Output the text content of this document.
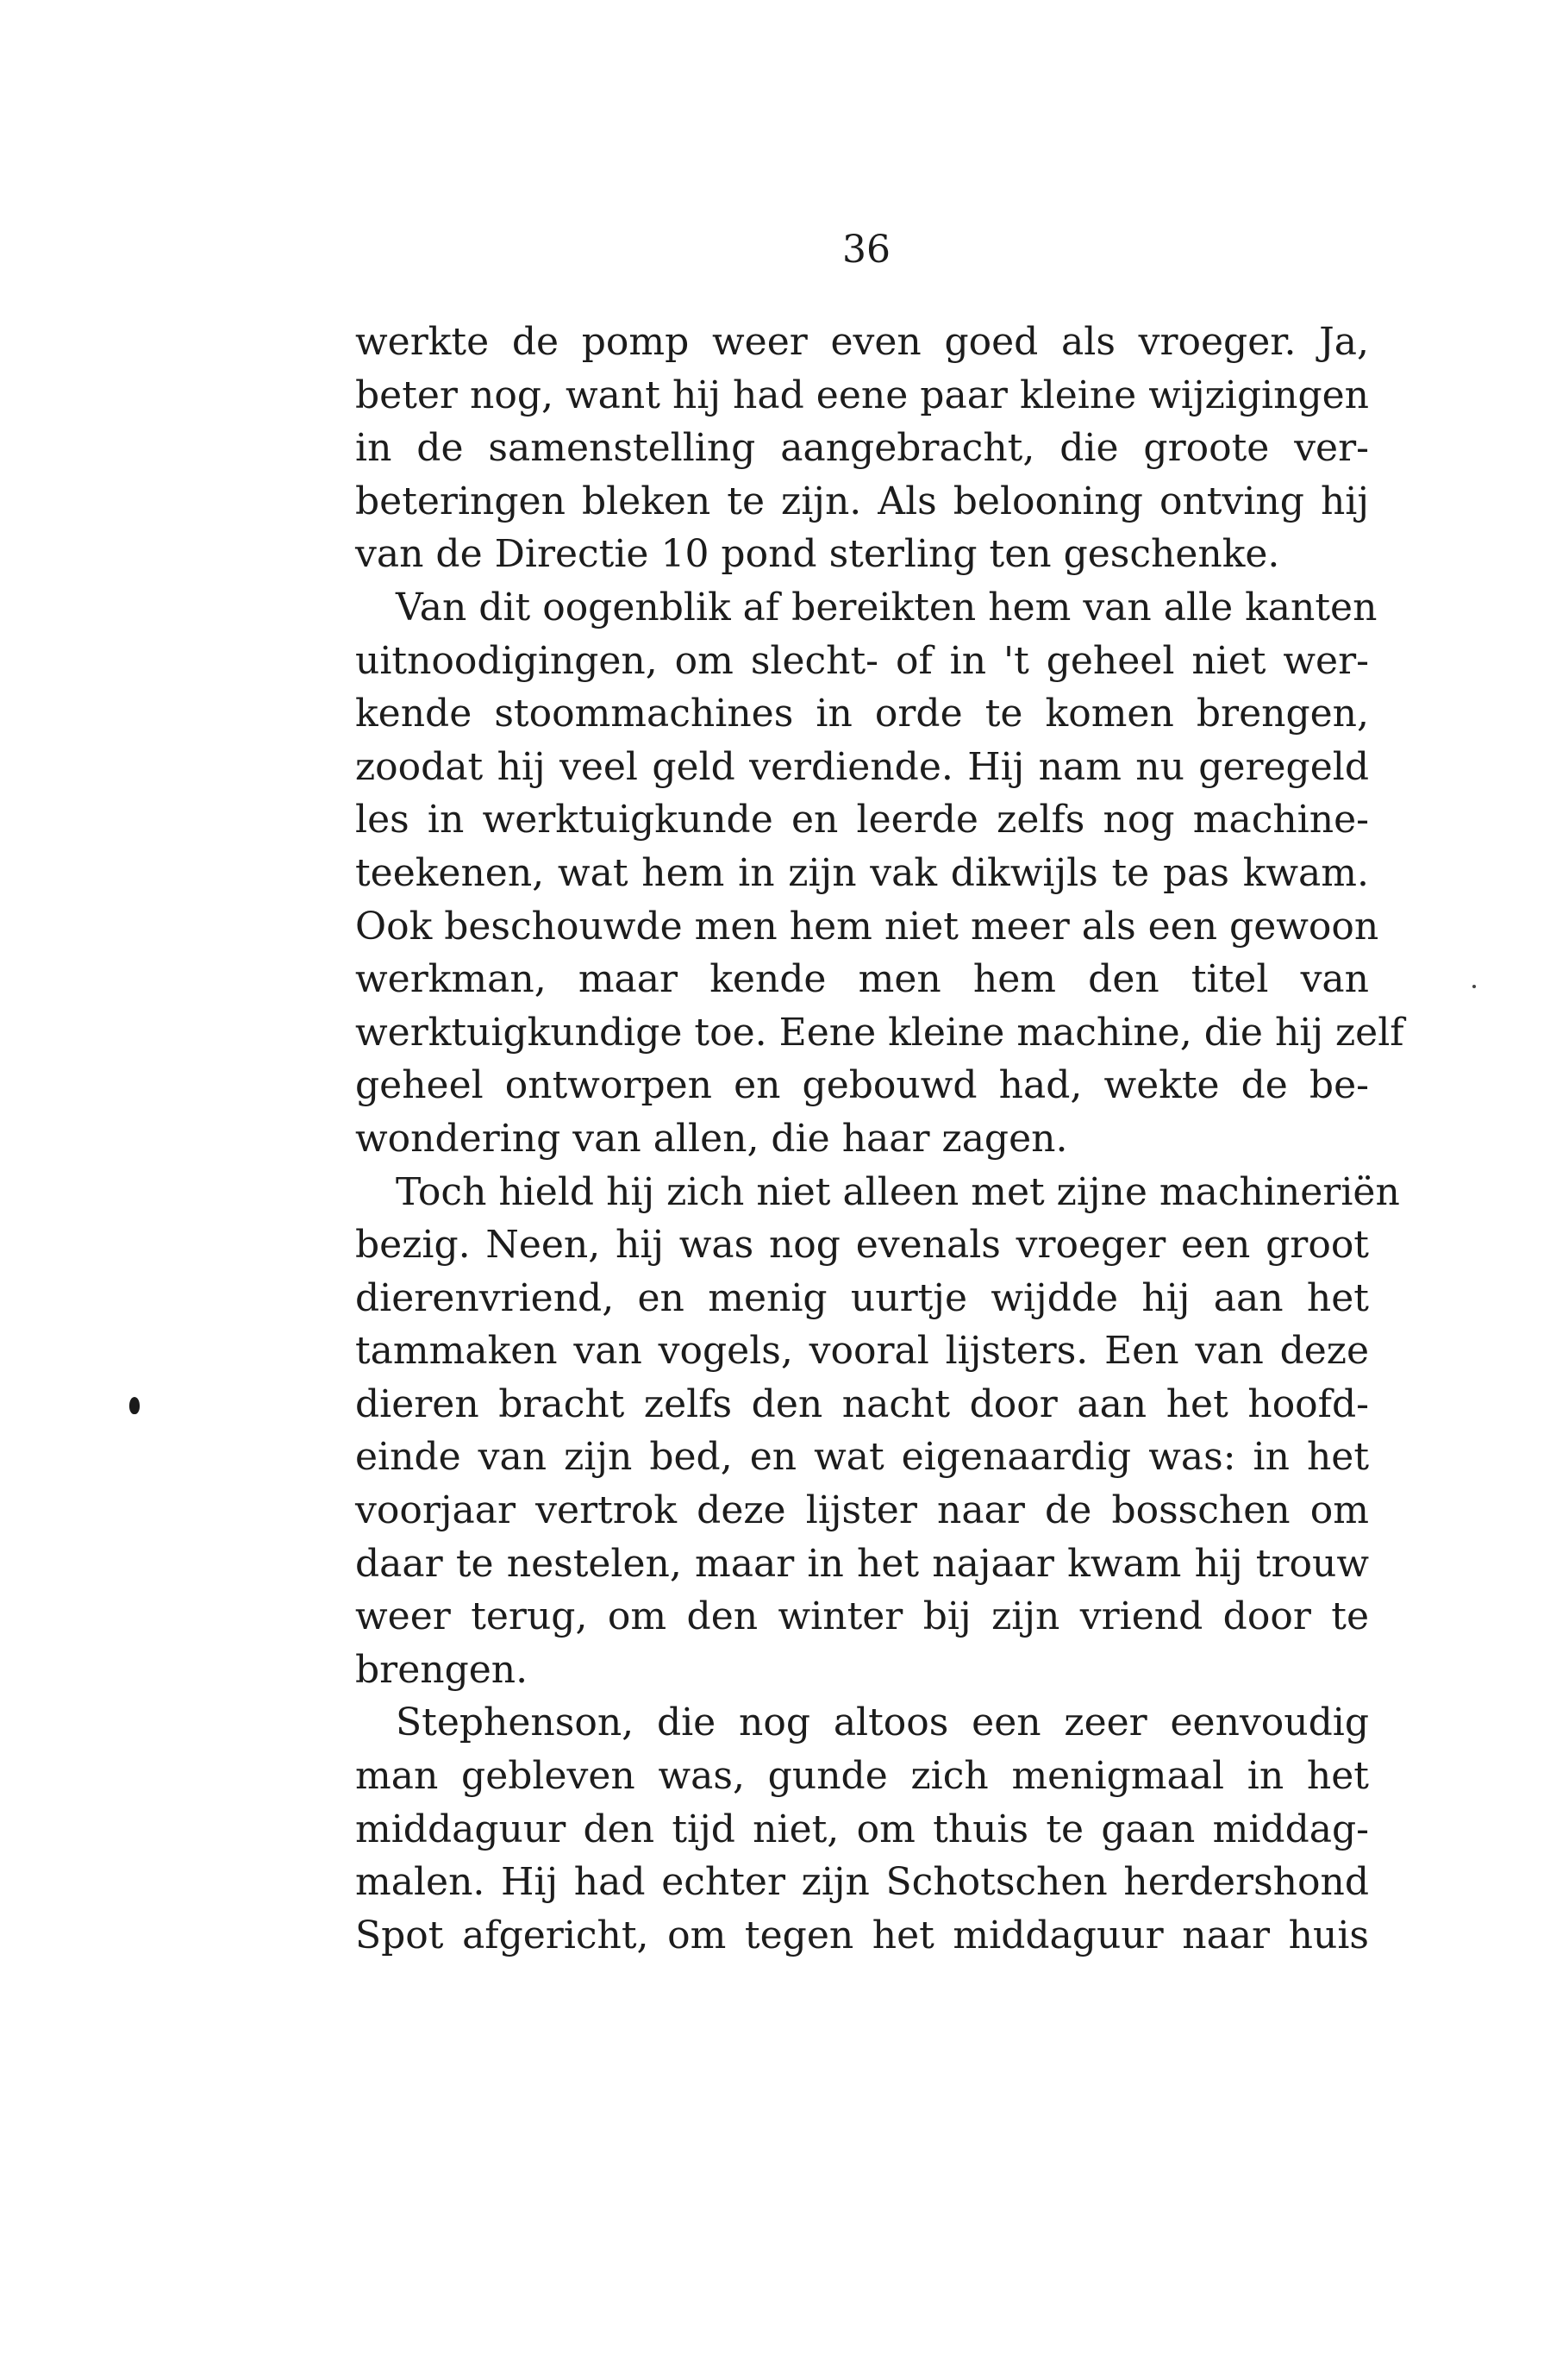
36
werkte de pomp weer even goed als vroeger. Ja,
beter nog, want hij had eene paar kleine wijzigingen
in de samenstelling aangebracht, die groote ver-
beteringen bleken te zijn. Als belooning ontving hij
van de Directie 10 pond sterling ten geschenke.
Van dit oogenblik af bereikten hem van alle kanten
uitnoodigingen, om slecht- of in 't geheel niet wer-
kende stoommachines in orde te komen brengen,
zoodat hij veel geld verdiende. Hij nam nu geregeld
les in werktuigkunde en leerde zelfs nog machine-
teekenen, wat hem in zijn vak dikwijls te pas kwam.
Ook beschouwde men hem niet meer als een gewoon
werkman, maar kende men hem den titel van
werktuigkundige toe. Eene kleine machine, die hij zelf
geheel ontworpen en gebouwd had, wekte de be-
wondering van allen, die haar zagen.
Toch hield hij zich niet alleen met zijne machineriën
bezig. Neen, hij was nog evenals vroeger een groot
dierenvriend, en menig uurtje wijdde hij aan het
tammaken van vogels, vooral lijsters. Een van deze
dieren bracht zelfs den nacht door aan het hoofd-
einde van zijn bed, en wat eigenaardig was: in het
voorjaar vertrok deze lijster naar de bosschen om
daar te nestelen, maar in het najaar kwam hij trouw
weer terug, om den winter bij zijn vriend door te
brengen.
Stephenson, die nog altoos een zeer eenvoudig
man gebleven was, gunde zich menigmaal in het
middaguur den tijd niet, om thuis te gaan middag-
malen. Hij had echter zijn Schotschen herdershond
Spot afgericht, om tegen het middaguur naar huis
